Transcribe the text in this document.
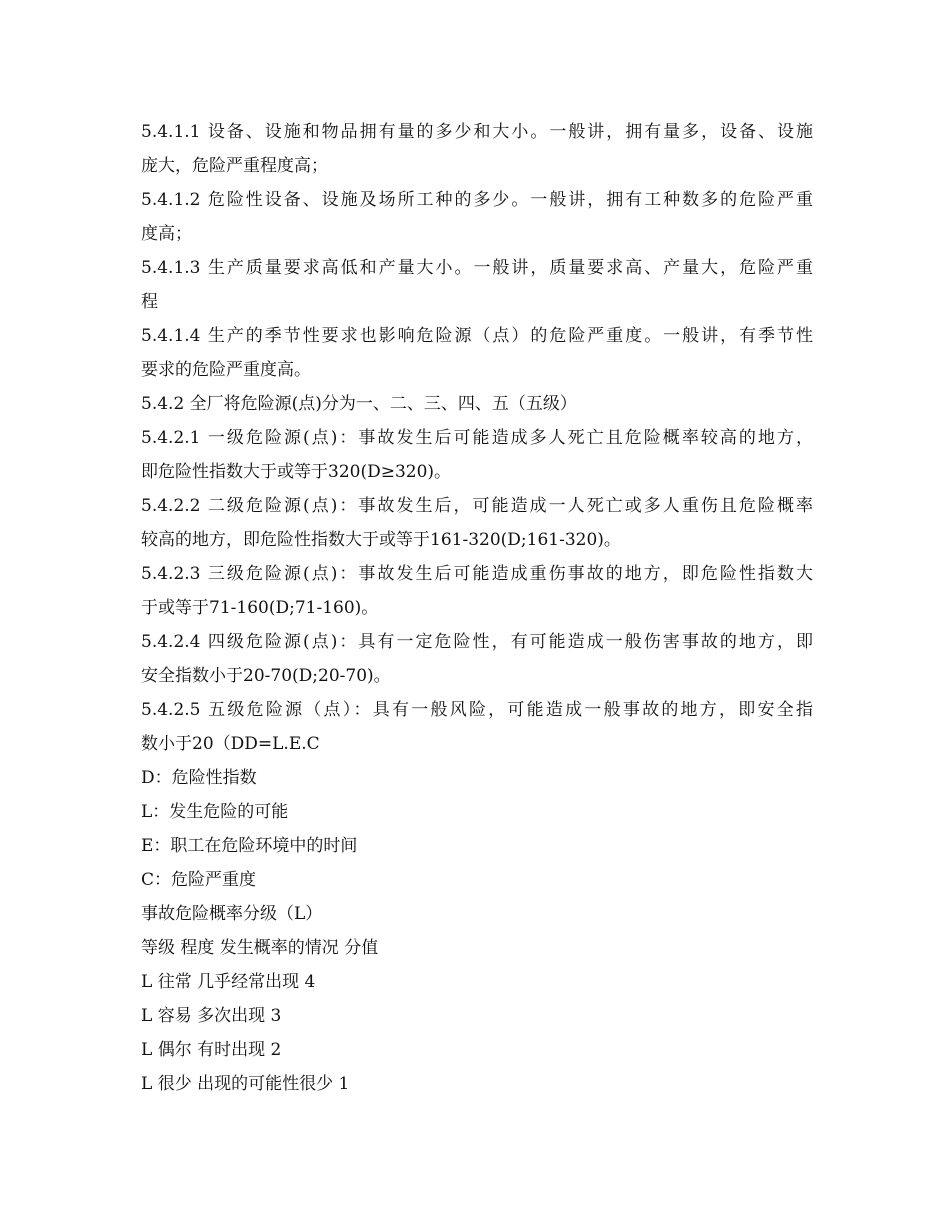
5.4.1.1 设备、设施和物品拥有量的多少和大小。一般讲，拥有量多，设备、设施
庞大，危险严重程度高；
5.4.1.2 危险性设备、设施及场所工种的多少。一般讲，拥有工种数多的危险严重
度高；
5.4.1.3 生产质量要求高低和产量大小。一般讲，质量要求高、产量大，危险严重
程
5.4.1.4 生产的季节性要求也影响危险源（点）的危险严重度。一般讲，有季节性
要求的危险严重度高。
5.4.2 全厂将危险源(点)分为一、二、三、四、五（五级）
5.4.2.1 一级危险源(点)：事故发生后可能造成多人死亡且危险概率较高的地方，
即危险性指数大于或等于320(D≥320)。
5.4.2.2 二级危险源(点)：事故发生后，可能造成一人死亡或多人重伤且危险概率
较高的地方，即危险性指数大于或等于161-320(D;161-320)。
5.4.2.3 三级危险源(点)：事故发生后可能造成重伤事故的地方，即危险性指数大
于或等于71-160(D;71-160)。
5.4.2.4 四级危险源(点)：具有一定危险性，有可能造成一般伤害事故的地方，即
安全指数小于20-70(D;20-70)。
5.4.2.5 五级危险源（点）：具有一般风险，可能造成一般事故的地方，即安全指
数小于20（DD=L.E.C
D：危险性指数
L：发生危险的可能
E：职工在危险环境中的时间
C：危险严重度
事故危险概率分级（L）
等级 程度 发生概率的情况 分值
L 往常 几乎经常出现 4
L 容易 多次出现 3
L 偶尔 有时出现 2
L 很少 出现的可能性很少 1
